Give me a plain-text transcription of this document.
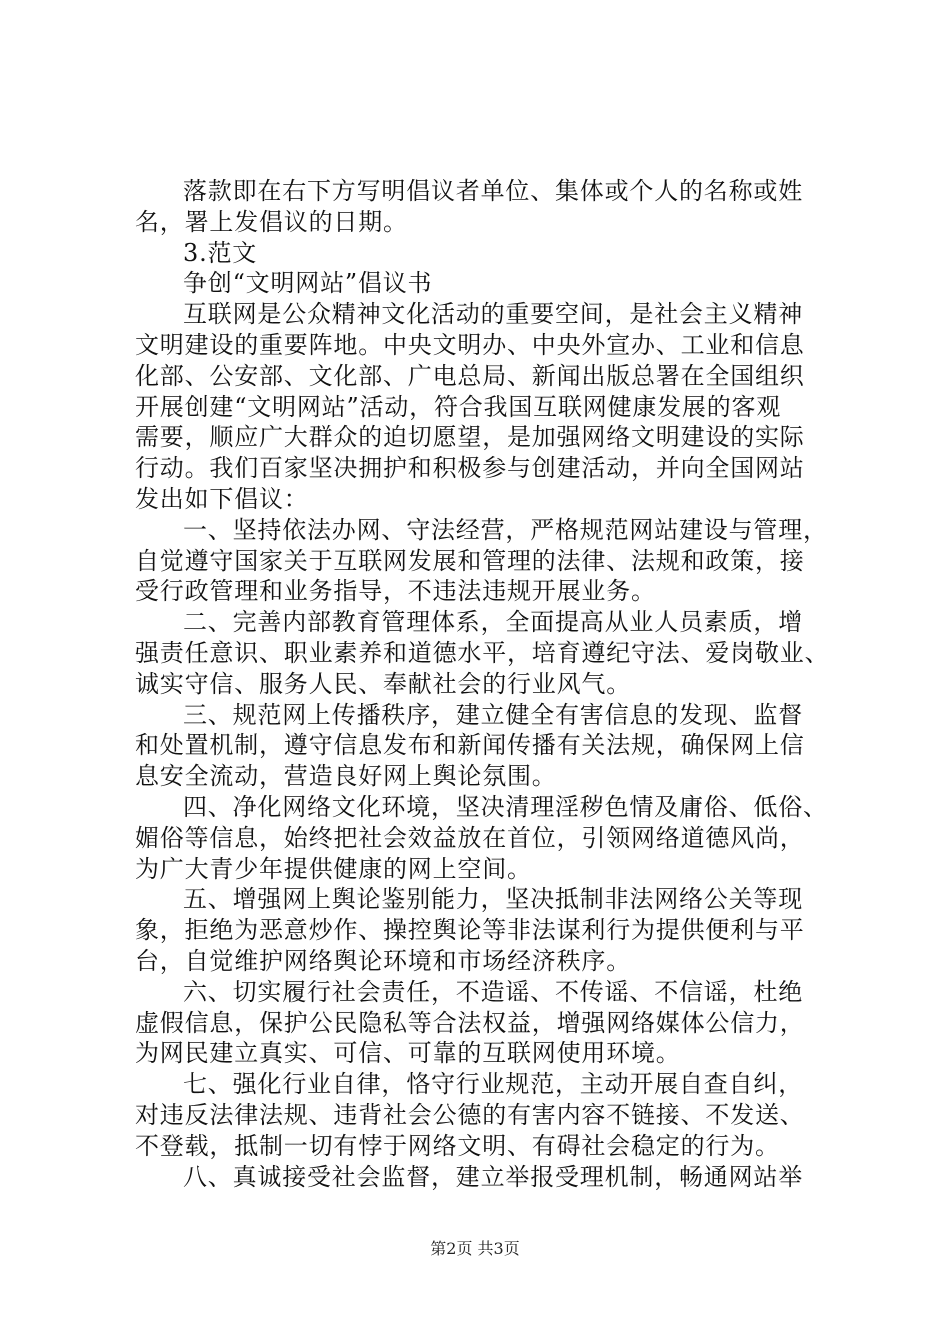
落款即在右下方写明倡议者单位、集体或个人的名称或姓
名，署上发倡议的日期。
3.范文
争创“文明网站”倡议书
互联网是公众精神文化活动的重要空间，是社会主义精神
文明建设的重要阵地。中央文明办、中央外宣办、工业和信息
化部、公安部、文化部、广电总局、新闻出版总署在全国组织
开展创建“文明网站”活动，符合我国互联网健康发展的客观
需要，顺应广大群众的迫切愿望，是加强网络文明建设的实际
行动。我们百家坚决拥护和积极参与创建活动，并向全国网站
发出如下倡议：
一、坚持依法办网、守法经营，严格规范网站建设与管理，
自觉遵守国家关于互联网发展和管理的法律、法规和政策，接
受行政管理和业务指导，不违法违规开展业务。
二、完善内部教育管理体系，全面提高从业人员素质，增
强责任意识、职业素养和道德水平，培育遵纪守法、爱岗敬业、
诚实守信、服务人民、奉献社会的行业风气。
三、规范网上传播秩序，建立健全有害信息的发现、监督
和处置机制，遵守信息发布和新闻传播有关法规，确保网上信
息安全流动，营造良好网上舆论氛围。
四、净化网络文化环境，坚决清理淫秽色情及庸俗、低俗、
媚俗等信息，始终把社会效益放在首位，引领网络道德风尚，
为广大青少年提供健康的网上空间。
五、增强网上舆论鉴别能力，坚决抵制非法网络公关等现
象，拒绝为恶意炒作、操控舆论等非法谋利行为提供便利与平
台，自觉维护网络舆论环境和市场经济秩序。
六、切实履行社会责任，不造谣、不传谣、不信谣，杜绝
虚假信息，保护公民隐私等合法权益，增强网络媒体公信力，
为网民建立真实、可信、可靠的互联网使用环境。
七、强化行业自律，恪守行业规范，主动开展自查自纠，
对违反法律法规、违背社会公德的有害内容不链接、不发送、
不登载，抵制一切有悖于网络文明、有碍社会稳定的行为。
八、真诚接受社会监督，建立举报受理机制，畅通网站举
第2页 共3页
